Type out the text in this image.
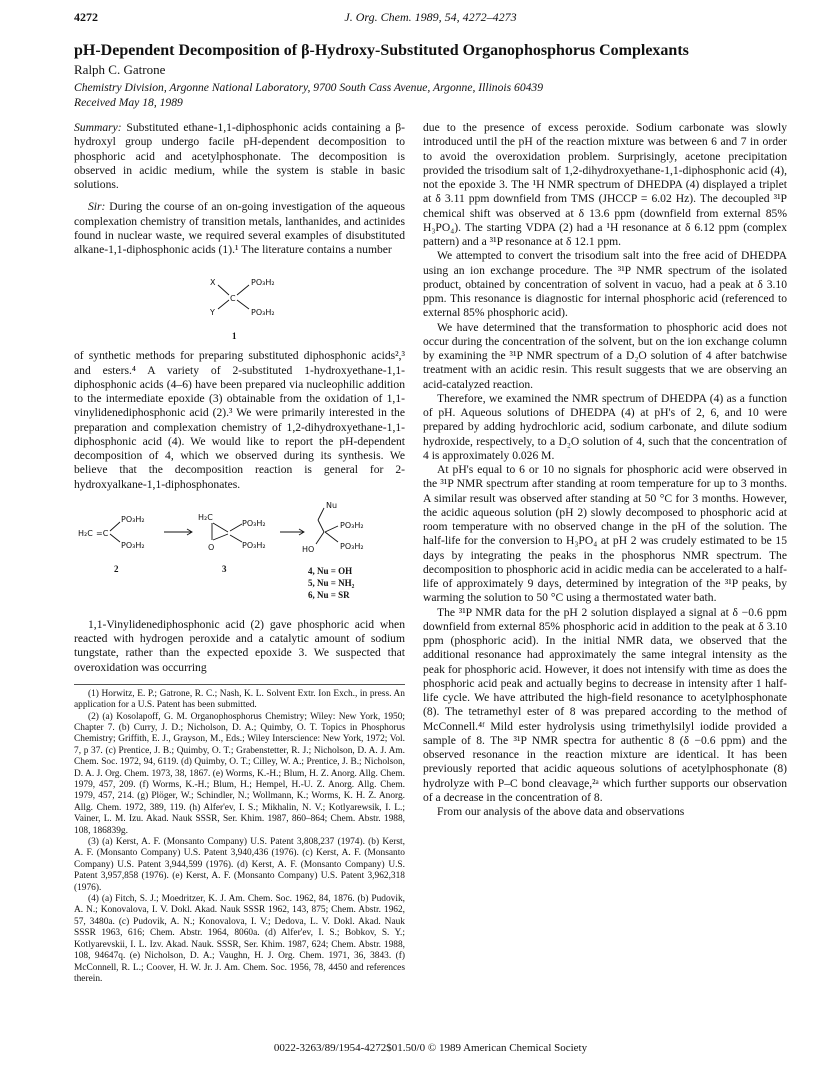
4272	J. Org. Chem. 1989, 54, 4272–4273
pH-Dependent Decomposition of β-Hydroxy-Substituted Organophosphorus Complexants
Ralph C. Gatrone
Chemistry Division, Argonne National Laboratory, 9700 South Cass Avenue, Argonne, Illinois 60439
Received May 18, 1989

Summary: Substituted ethane-1,1-diphosphonic acids containing a β-hydroxyl group undergo facile pH-dependent decomposition to phosphoric acid and acetylphosphonate. The decomposition is observed in acidic medium, while the system is stable in basic solutions.

Sir: During the course of an on-going investigation of the aqueous complexation chemistry of transition metals, lanthanides, and actinides found in nuclear waste, we required several examples of disubstituted alkane-1,1-diphosphonic acids (1).¹ The literature contains a number

X
Y
C
PO₃H₂
PO₃H₂
1

of synthetic methods for preparing substituted diphosphonic acids²,³ and esters.⁴ A variety of 2-substituted 1-hydroxyethane-1,1-diphosphonic acids (4–6) have been prepared via nucleophilic addition to the intermediate epoxide (3) obtainable from the oxidation of 1,1-vinylidenediphosphonic acid (2).³ We were primarily interested in the preparation and complexation chemistry of 1,2-dihydroxyethane-1,1-diphosphonic acid (4). We would like to report the pH-dependent decomposition of 4, which we observed during its synthesis. We believe that the decomposition reaction is general for 2-hydroxyalkane-1,1-diphosphonates.

H₂C =C
PO₃H₂
PO₃H₂
2
H₂C
O
PO₃H₂
PO₃H₂
3
Nu
PO₃H₂
PO₃H₂
HO
4, Nu = OH
5, Nu = NH₂
6, Nu = SR

1,1-Vinylidenediphosphonic acid (2) gave phosphoric acid when reacted with hydrogen peroxide and a catalytic amount of sodium tungstate, rather than the expected epoxide 3. We suspected that overoxidation was occurring

(1) Horwitz, E. P.; Gatrone, R. C.; Nash, K. L. Solvent Extr. Ion Exch., in press. An application for a U.S. Patent has been submitted.

(2) (a) Kosolapoff, G. M. Organophosphorus Chemistry; Wiley: New York, 1950; Chapter 7. (b) Curry, J. D.; Nicholson, D. A.; Quimby, O. T. Topics in Phosphorus Chemistry; Griffith, E. J., Grayson, M., Eds.; Wiley Interscience: New York, 1972; Vol. 7, p 37. (c) Prentice, J. B.; Quimby, O. T.; Grabenstetter, R. J.; Nicholson, D. A. J. Am. Chem. Soc. 1972, 94, 6119. (d) Quimby, O. T.; Cilley, W. A.; Prentice, J. B.; Nicholson, D. A. J. Org. Chem. 1973, 38, 1867. (e) Worms, K.-H.; Blum, H. Z. Anorg. Allg. Chem. 1979, 457, 209. (f) Worms, K.-H.; Blum, H.; Hempel, H.-U. Z. Anorg. Allg. Chem. 1979, 457, 214. (g) Plöger, W.; Schindler, N.; Wollmann, K.; Worms, K. H. Z. Anorg. Allg. Chem. 1972, 389, 119. (h) Alfer'ev, I. S.; Mikhalin, N. V.; Kotlyarewsik, I. L.; Vainer, L. M. Izu. Akad. Nauk SSSR, Ser. Khim. 1987, 860–864; Chem. Abstr. 1988, 108, 186839g.

(3) (a) Kerst, A. F. (Monsanto Company) U.S. Patent 3,808,237 (1974). (b) Kerst, A. F. (Monsanto Company) U.S. Patent 3,940,436 (1976). (c) Kerst, A. F. (Monsanto Company) U.S. Patent 3,944,599 (1976). (d) Kerst, A. F. (Monsanto Company) U.S. Patent 3,957,858 (1976). (e) Kerst, A. F. (Monsanto Company) U.S. Patent 3,962,318 (1976).

(4) (a) Fitch, S. J.; Moedritzer, K. J. Am. Chem. Soc. 1962, 84, 1876. (b) Pudovik, A. N.; Konovalova, I. V. Dokl. Akad. Nauk SSSR 1962, 143, 875; Chem. Abstr. 1962, 57, 3480a. (c) Pudovik, A. N.; Konovalova, I. V.; Dedova, L. V. Dokl. Akad. Nauk SSSR 1963, 616; Chem. Abstr. 1964, 8060a. (d) Alfer'ev, I. S.; Bobkov, S. Y.; Kotlyarevskii, I. L. Izv. Akad. Nauk. SSSR, Ser. Khim. 1987, 624; Chem. Abstr. 1988, 108, 94647q. (e) Nicholson, D. A.; Vaughn, H. J. Org. Chem. 1971, 36, 3843. (f) McConnell, R. L.; Coover, H. W. Jr. J. Am. Chem. Soc. 1956, 78, 4450 and references therein.

due to the presence of excess peroxide. Sodium carbonate was slowly introduced until the pH of the reaction mixture was between 6 and 7 in order to avoid the overoxidation problem. Surprisingly, acetone precipitation provided the trisodium salt of 1,2-dihydroxyethane-1,1-diphosphonic acid (4), not the epoxide 3. The ¹H NMR spectrum of DHEDPA (4) displayed a triplet at δ 3.11 ppm downfield from TMS (JHCCP = 6.02 Hz). The decoupled ³¹P chemical shift was observed at δ 13.6 ppm (downfield from external 85% H₃PO₄). The starting VDPA (2) had a ¹H resonance at δ 6.12 ppm (complex pattern) and a ³¹P resonance at δ 12.1 ppm.

We attempted to convert the trisodium salt into the free acid of DHEDPA using an ion exchange procedure. The ³¹P NMR spectrum of the isolated product, obtained by concentration of solvent in vacuo, had a peak at δ 3.10 ppm. This resonance is diagnostic for internal phosphoric acid (referenced to external 85% phosphoric acid).

We have determined that the transformation to phosphoric acid does not occur during the concentration of the solvent, but on the ion exchange column by examining the ³¹P NMR spectrum of a D₂O solution of 4 after batchwise treatment with an acidic resin. This result suggests that we are observing an acid-catalyzed reaction.

Therefore, we examined the NMR spectrum of DHEDPA (4) as a function of pH. Aqueous solutions of DHEDPA (4) at pH's of 2, 6, and 10 were prepared by adding hydrochloric acid, sodium carbonate, and dilute sodium hydroxide, respectively, to a D₂O solution of 4, such that the concentration of 4 is approximately 0.026 M.

At pH's equal to 6 or 10 no signals for phosphoric acid were observed in the ³¹P NMR spectrum after standing at room temperature for up to 3 months. A similar result was observed after standing at 50 °C for 3 months. However, the acidic aqueous solution (pH 2) slowly decomposed to phosphoric acid at room temperature with no observed change in the pH of the solution. The half-life for the conversion to H₃PO₄ at pH 2 was crudely estimated to be 15 days by integrating the peaks in the phosphorus NMR spectrum. The decomposition to phosphoric acid in acidic media can be accelerated to a half-life of approximately 9 days, determined by integration of the ³¹P peaks, by warming the solution to 50 °C using a thermostated water bath.

The ³¹P NMR data for the pH 2 solution displayed a signal at δ −0.6 ppm downfield from external 85% phosphoric acid in addition to the peak at δ 3.10 ppm (phosphoric acid). In the initial NMR data, we observed that the additional resonance had approximately the same integral intensity as the peak for phosphoric acid. However, it does not intensify with time as does the phosphoric acid peak and actually begins to decrease in intensity after 1 half-life cycle. We have attributed the high-field resonance to acetylphosphonate (8). The tetramethyl ester of 8 was prepared according to the method of McConnell.⁴ᶠ Mild ester hydrolysis using trimethylsilyl iodide provided a sample of 8. The ³¹P NMR spectra for authentic 8 (δ −0.6 ppm) and the observed resonance in the reaction mixture are identical. It has been previously reported that acidic aqueous solutions of acetylphosphonate (8) hydrolyze with P–C bond cleavage,²ᵃ which further supports our observation of a decrease in the concentration of 8.

From our analysis of the above data and observations

0022-3263/89/1954-4272$01.50/0 © 1989 American Chemical Society
